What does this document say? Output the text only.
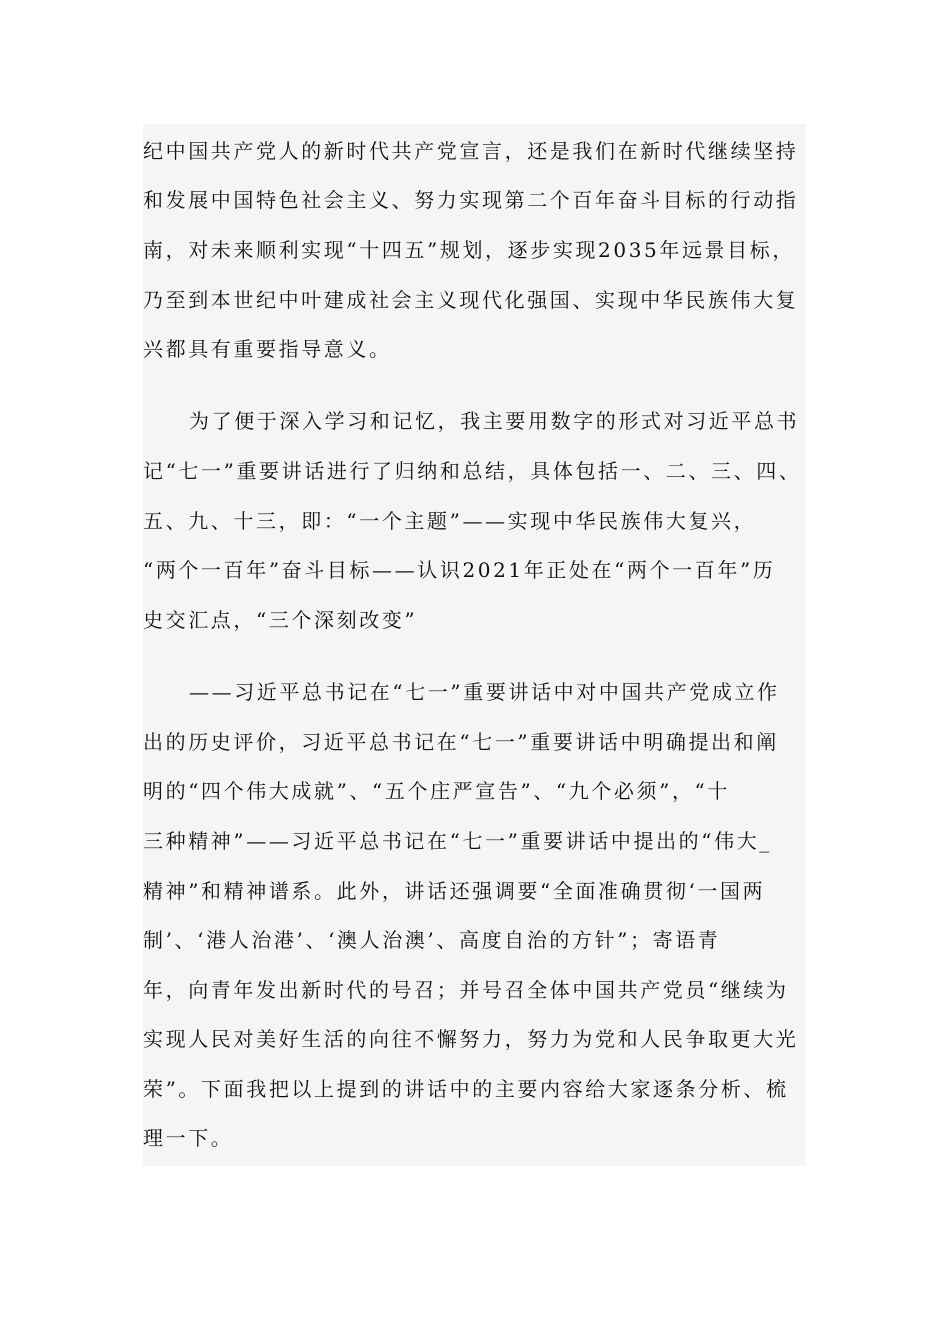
纪中国共产党人的新时代共产党宣言，还是我们在新时代继续坚持
和发展中国特色社会主义、努力实现第二个百年奋斗目标的行动指
南，对未来顺利实现“十四五”规划，逐步实现2035年远景目标，
乃至到本世纪中叶建成社会主义现代化强国、实现中华民族伟大复
兴都具有重要指导意义。
为了便于深入学习和记忆，我主要用数字的形式对习近平总书
记“七一”重要讲话进行了归纳和总结，具体包括一、二、三、四、
五、九、十三，即：“一个主题”——实现中华民族伟大复兴，
“两个一百年”奋斗目标——认识2021年正处在“两个一百年”历
史交汇点，“三个深刻改变”
——习近平总书记在“七一”重要讲话中对中国共产党成立作
出的历史评价，习近平总书记在“七一”重要讲话中明确提出和阐
明的“四个伟大成就”、“五个庄严宣告”、“九个必须”，“十
三种精神”——习近平总书记在“七一”重要讲话中提出的“伟大_
精神”和精神谱系。此外，讲话还强调要“全面准确贯彻‘一国两
制’、‘港人治港’、‘澳人治澳’、高度自治的方针”；寄语青
年，向青年发出新时代的号召；并号召全体中国共产党员“继续为
实现人民对美好生活的向往不懈努力，努力为党和人民争取更大光
荣”。下面我把以上提到的讲话中的主要内容给大家逐条分析、梳
理一下。
